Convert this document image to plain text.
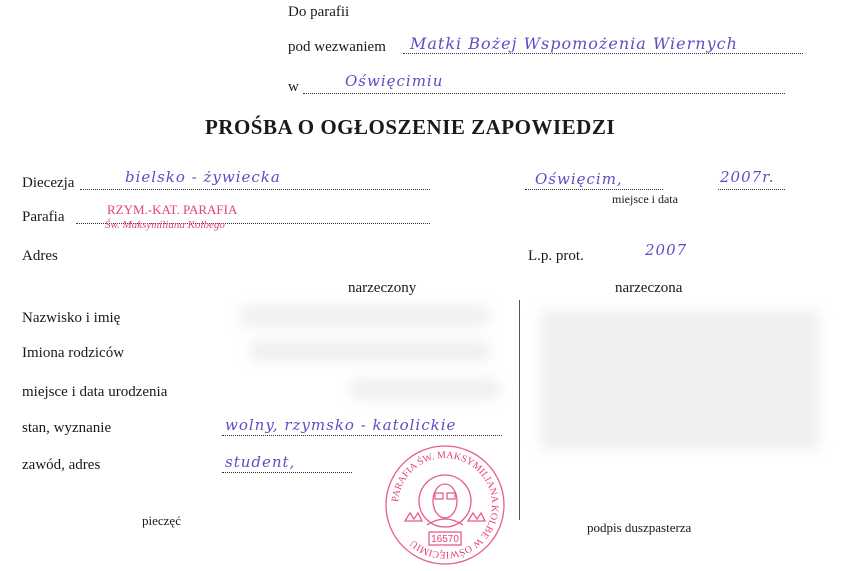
Do parafii
pod wezwaniem Matki Bożej Wspomożenia Wiernych
w	Oświęcimiu
PROŚBA O OGŁOSZENIE ZAPOWIEDZI
Diecezja	bielsko - żywiecka	Oświęcim,	2007r.
miejsce i data
Parafia	RZYM.-KAT. PARAFIA
Św. Maksymiliana Kolbego
Adres	L.p. prot.	2007
narzeczony	narzeczona
Nazwisko i imię
Imiona rodziców
miejsce i data urodzenia
stan, wyznanie	wolny, rzymsko - katolickie
zawód, adres	student,
PARAFIA ŚW. MAKSYMILIANA KOLBE W OŚWIĘCIMIU	16570
pieczęć	podpis duszpasterza
